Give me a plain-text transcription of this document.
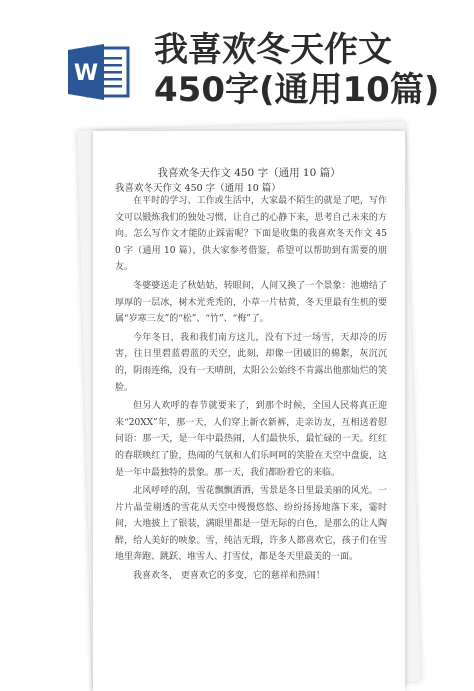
W
我喜欢冬天作文450字(通用10篇)

我喜欢冬天作文 450 字（通用 10 篇）

我喜欢冬天作文 450 字（通用 10 篇）

在平时的学习、工作或生活中，大家最不陌生的就是了吧，写作文可以锻炼我们的独处习惯，让自己的心静下来，思考自己未来的方向。怎么写作文才能防止踩雷呢？下面是收集的我喜欢冬天作文 450 字（通用 10 篇），供大家参考借鉴，希望可以帮助到有需要的朋友。

冬婆婆送走了秋姑姑，转眼间，人间又换了一个景象：池塘结了厚厚的一层冰，树木光秃秃的，小草一片枯黄，冬天里最有生机的要属“岁寒三友”的“松”、“竹”、“梅”了。

今年冬日，我和我们南方这儿，没有下过一场雪，天却冷的厉害，往日里碧蓝碧蓝的天空，此刻，却像一团破旧的棉絮，灰沉沉的，阴雨连绵，没有一天晴朗，太阳公公始终不肯露出他那灿烂的笑脸。

但另人欢呼的春节就要来了，到那个时候，全国人民将真正迎来“20XX”年，那一天，人们穿上新衣新裤，走亲访友，互相送着慰问语：那一天，是一年中最热闹，人们最快乐，最忙碌的一天。红红的春联映红了脸，热闹的气氛和人们乐呵呵的笑脸在天空中盘旋，这是一年中最独特的景象。那一天，我们都盼着它的来临。

北风呼呼的刮，雪花飘飘洒洒，雪景是冬日里最美丽的风光。一片片晶莹剔透的雪花从天空中慢慢悠悠、纷纷扬扬地落下来，霎时间，大地披上了银装，满眼里都是一望无际的白色，是那么的让人陶醉，给人美好的映象。雪，纯洁无瑕，许多人都喜欢它，孩子们在雪地里奔跑、跳跃、堆雪人、打雪仗，都是冬天里最美的一面。

我喜欢冬， 更喜欢它的多变，它的慈祥和热闹！
